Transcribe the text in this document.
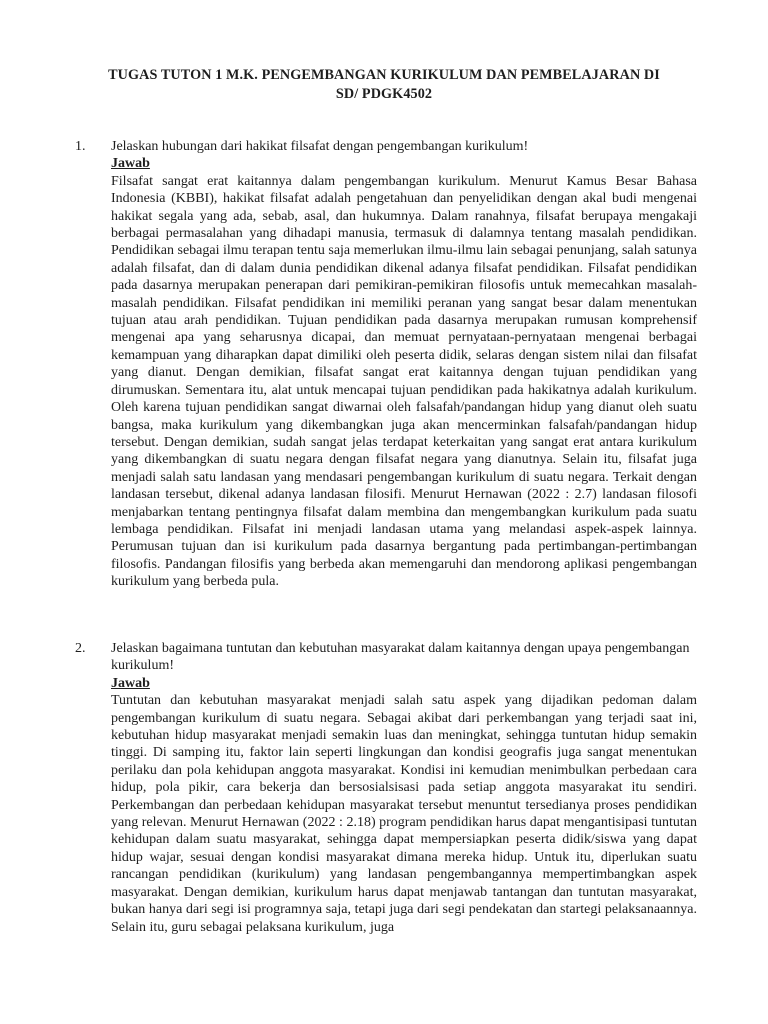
TUGAS TUTON 1 M.K. PENGEMBANGAN KURIKULUM DAN PEMBELAJARAN DI
SD/ PDGK4502
1. Jelaskan hubungan dari hakikat filsafat dengan pengembangan kurikulum!
Jawab

Filsafat sangat erat kaitannya dalam pengembangan kurikulum. Menurut Kamus Besar Bahasa Indonesia (KBBI), hakikat filsafat adalah pengetahuan dan penyelidikan dengan akal budi mengenai hakikat segala yang ada, sebab, asal, dan hukumnya. Dalam ranahnya, filsafat berupaya mengakaji berbagai permasalahan yang dihadapi manusia, termasuk di dalamnya tentang masalah pendidikan. Pendidikan sebagai ilmu terapan tentu saja memerlukan ilmu-ilmu lain sebagai penunjang, salah satunya adalah filsafat, dan di dalam dunia pendidikan dikenal adanya filsafat pendidikan. Filsafat pendidikan pada dasarnya merupakan penerapan dari pemikiran-pemikiran filosofis untuk memecahkan masalah-masalah pendidikan. Filsafat pendidikan ini memiliki peranan yang sangat besar dalam menentukan tujuan atau arah pendidikan. Tujuan pendidikan pada dasarnya merupakan rumusan komprehensif mengenai apa yang seharusnya dicapai, dan memuat pernyataan-pernyataan mengenai berbagai kemampuan yang diharapkan dapat dimiliki oleh peserta didik, selaras dengan sistem nilai dan filsafat yang dianut. Dengan demikian, filsafat sangat erat kaitannya dengan tujuan pendidikan yang dirumuskan. Sementara itu, alat untuk mencapai tujuan pendidikan pada hakikatnya adalah kurikulum. Oleh karena tujuan pendidikan sangat diwarnai oleh falsafah/pandangan hidup yang dianut oleh suatu bangsa, maka kurikulum yang dikembangkan juga akan mencerminkan falsafah/pandangan hidup tersebut. Dengan demikian, sudah sangat jelas terdapat keterkaitan yang sangat erat antara kurikulum yang dikembangkan di suatu negara dengan filsafat negara yang dianutnya. Selain itu, filsafat juga menjadi salah satu landasan yang mendasari pengembangan kurikulum di suatu negara. Terkait dengan landasan tersebut, dikenal adanya landasan filosifi. Menurut Hernawan (2022 : 2.7) landasan filosofi menjabarkan tentang pentingnya filsafat dalam membina dan mengembangkan kurikulum pada suatu lembaga pendidikan. Filsafat ini menjadi landasan utama yang melandasi aspek-aspek lainnya. Perumusan tujuan dan isi kurikulum pada dasarnya bergantung pada pertimbangan-pertimbangan filosofis. Pandangan filosifis yang berbeda akan memengaruhi dan mendorong aplikasi pengembangan kurikulum yang berbeda pula.

2. Jelaskan bagaimana tuntutan dan kebutuhan masyarakat dalam kaitannya dengan upaya pengembangan kurikulum!
Jawab

Tuntutan dan kebutuhan masyarakat menjadi salah satu aspek yang dijadikan pedoman dalam pengembangan kurikulum di suatu negara. Sebagai akibat dari perkembangan yang terjadi saat ini, kebutuhan hidup masyarakat menjadi semakin luas dan meningkat, sehingga tuntutan hidup semakin tinggi. Di samping itu, faktor lain seperti lingkungan dan kondisi geografis juga sangat menentukan perilaku dan pola kehidupan anggota masyarakat. Kondisi ini kemudian menimbulkan perbedaan cara hidup, pola pikir, cara bekerja dan bersosialsisasi pada setiap anggota masyarakat itu sendiri. Perkembangan dan perbedaan kehidupan masyarakat tersebut menuntut tersedianya proses pendidikan yang relevan. Menurut Hernawan (2022 : 2.18) program pendidikan harus dapat mengantisipasi tuntutan kehidupan dalam suatu masyarakat, sehingga dapat mempersiapkan peserta didik/siswa yang dapat hidup wajar, sesuai dengan kondisi masyarakat dimana mereka hidup. Untuk itu, diperlukan suatu rancangan pendidikan (kurikulum) yang landasan pengembangannya mempertimbangkan aspek masyarakat. Dengan demikian, kurikulum harus dapat menjawab tantangan dan tuntutan masyarakat, bukan hanya dari segi isi programnya saja, tetapi juga dari segi pendekatan dan startegi pelaksanaannya. Selain itu, guru sebagai pelaksana kurikulum, juga
